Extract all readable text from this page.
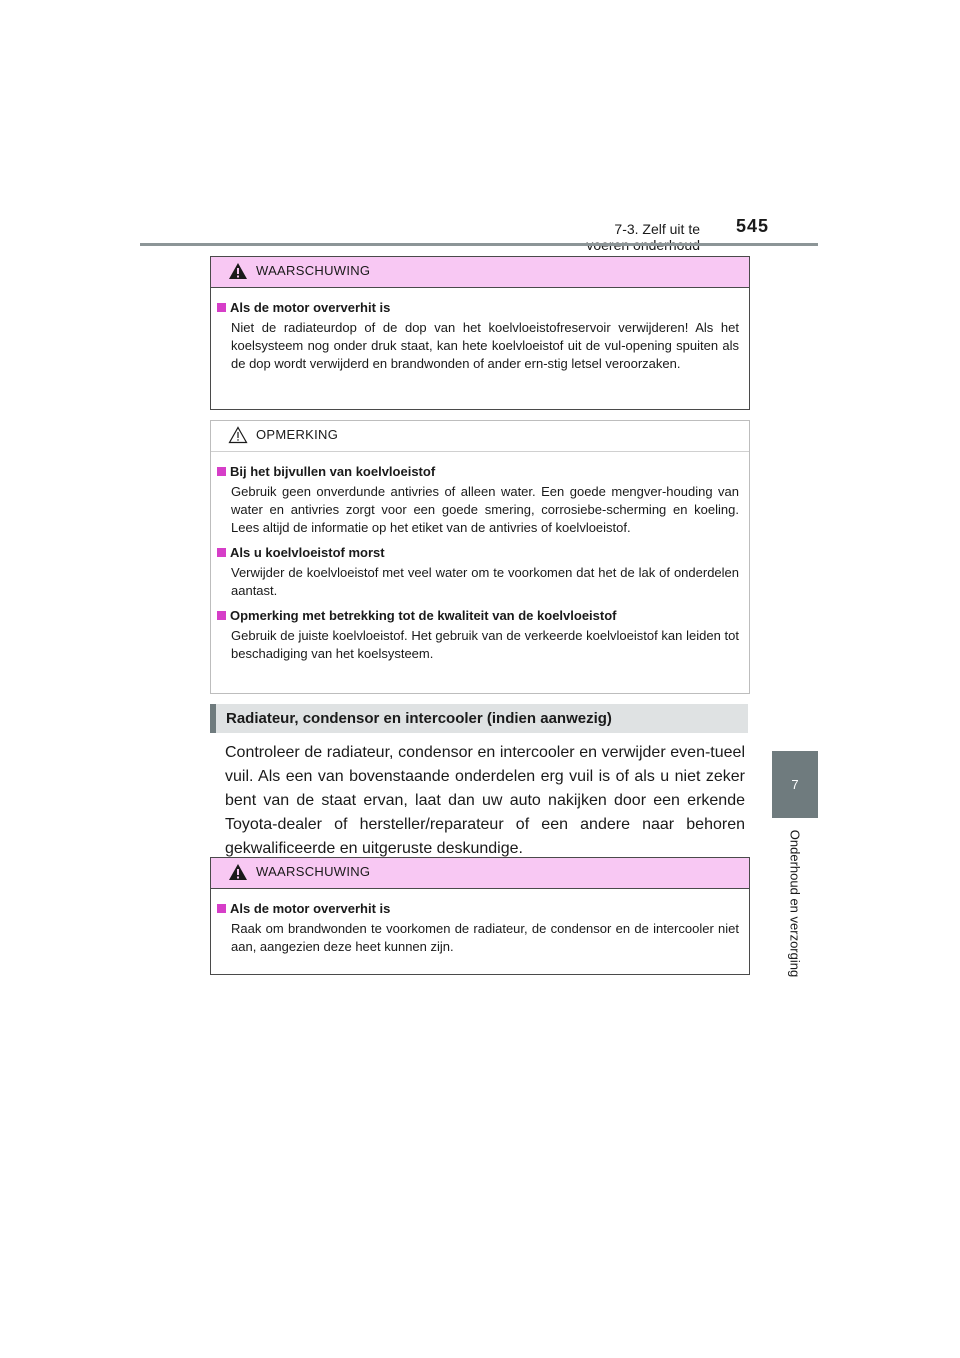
7-3. Zelf uit te 545
7
Onderhoud en verzorging
WAARSCHUWING
Als de motor oververhit is
Niet de radiateurdop of de dop van het koelvloeistofreservoir verwijderen! Als het koelsysteem nog onder druk staat, kan hete koelvloeistof uit de vul-opening spuiten als de dop wordt verwijderd en brandwonden of ander ern-stig letsel veroorzaken.
OPMERKING
Bij het bijvullen van koelvloeistof
Gebruik geen onverdunde antivries of alleen water. Een goede mengver-houding van water en antivries zorgt voor een goede smering, corrosiebe-scherming en koeling. Lees altijd de informatie op het etiket van de antivries of koelvloeistof.
Als u koelvloeistof morst
Verwijder de koelvloeistof met veel water om te voorkomen dat het de lak of onderdelen aantast.
Opmerking met betrekking tot de kwaliteit van de koelvloeistof
Gebruik de juiste koelvloeistof. Het gebruik van de verkeerde koelvloeistof kan leiden tot beschadiging van het koelsysteem.
Radiateur, condensor en intercooler (indien aanwezig)
Controleer de radiateur, condensor en intercooler en verwijder even-tueel vuil. Als een van bovenstaande onderdelen erg vuil is of als u niet zeker bent van de staat ervan, laat dan uw auto nakijken door een erkende Toyota-dealer of hersteller/reparateur of een andere naar behoren gekwalificeerde en uitgeruste deskundige.
WAARSCHUWING
Als de motor oververhit is
Raak om brandwonden te voorkomen de radiateur, de condensor en de intercooler niet aan, aangezien deze heet kunnen zijn.
